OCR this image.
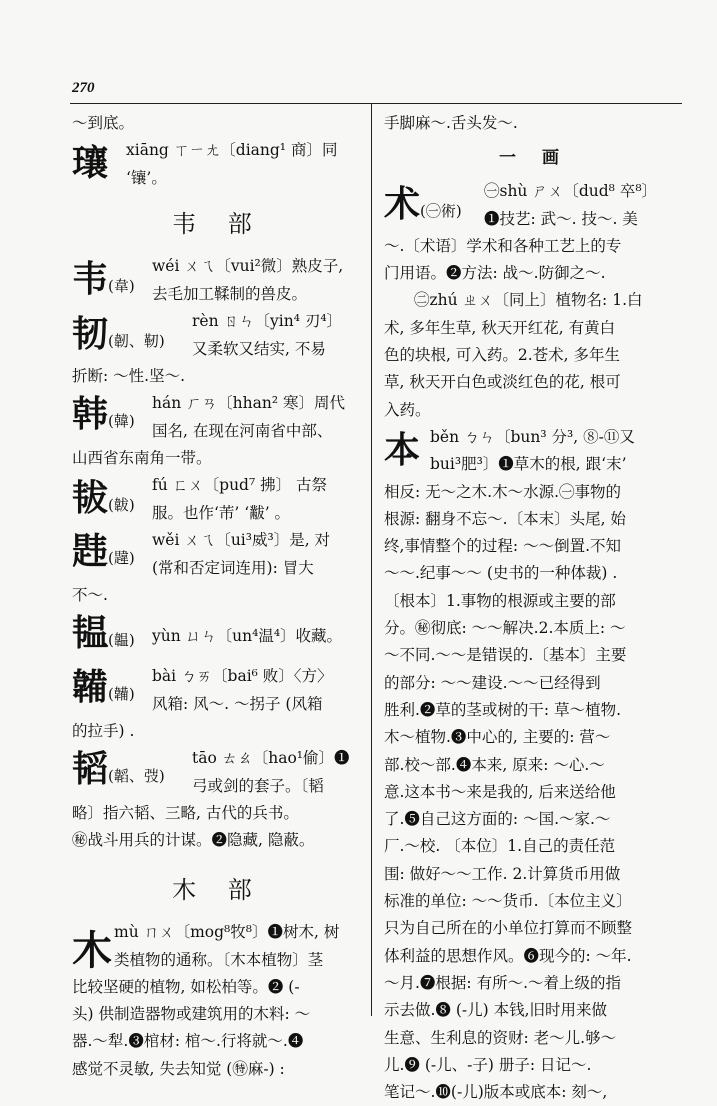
270
～到底。
瓖	xiāng ㄒㄧㄤ〔diang¹ 商〕同
‘镶’。
韦 部
韦(韋)
wéi ㄨㄟ〔vui²微〕熟皮子,
去毛加工鞣制的兽皮。
韧(韌、靭)
rèn ㄖㄣ〔yin⁴ 刃⁴〕
又柔软又结实, 不易
折断: ～性.坚～.
韩(韓)
hán ㄏㄢ〔hhan² 寒〕周代
国名, 在现在河南省中部、
山西省东南角一带。
韨(韍)
fú ㄈㄨ〔pud⁷ 拂〕 古祭
服。也作‘芾’ ‘黻’ 。
韪(韙)
wěi ㄨㄟ〔ui³威³〕是, 对
(常和否定词连用): 冒大
不～.
韫(韞)	yùn ㄩㄣ〔un⁴温⁴〕收藏。
韛(韛)
bài ㄅㄞ〔bai⁶ 败〕〈方〉
风箱: 风～. ～拐子 (风箱
的拉手) .
韬(韜、弢)
tāo ㄊㄠ〔hao¹偷〕❶
弓或剑的套子。〔韬
略〕指六韬、三略, 古代的兵书。
㊙战斗用兵的计谋。❷隐藏, 隐蔽。
木 部
木 mù ㄇㄨ〔mog⁸牧⁸〕❶树木, 树
类植物的通称。〔木本植物〕茎
比较坚硬的植物, 如松柏等。❷ (-
头) 供制造器物或建筑用的木料: ～
器.～犁.❸棺材: 棺～.行将就～.❹
感觉不灵敏, 失去知觉 (㊕麻-) :
手脚麻～.舌头发～.
一 画
术(㊀術)
㊀shù ㄕㄨ〔dud⁸ 卒⁸〕
❶技艺: 武～. 技～. 美
～.〔术语〕学术和各种工艺上的专
门用语。❷方法: 战～.防御之～.
㊁zhú ㄓㄨ〔同上〕植物名: 1.白
术, 多年生草, 秋天开红花, 有黄白
色的块根, 可入药。2.苍术, 多年生
草, 秋天开白色或淡红色的花, 根可
入药。
本 běn ㄅㄣ〔bun³ 分³, ⑧-⑪又
bui³肥³〕❶草木的根, 跟‘末’
相反: 无～之木.木～水源.㊀事物的
根源: 翻身不忘～.〔本末〕头尾, 始
终,事情整个的过程: ～～倒置.不知
～～.纪事～～ (史书的一种体裁) .
〔根本〕1.事物的根源或主要的部
分。㊙彻底: ～～解决.2.本质上: ～
～不同.～～是错误的.〔基本〕主要
的部分: ～～建设.～～已经得到
胜利.❷草的茎或树的干: 草～植物.
木～植物.❸中心的, 主要的: 营～
部.校～部.❹本来, 原来: ～心.～
意.这本书～来是我的, 后来送给他
了.❺自己这方面的: ～国.～家.～
厂.～校. 〔本位〕1.自己的责任范
围: 做好～～工作. 2.计算货币用做
标准的单位: ～～货币.〔本位主义〕
只为自己所在的小单位打算而不顾整
体利益的思想作风。❻现今的: ～年.
～月.❼根据: 有所～.～着上级的指
示去做.❽ (-儿) 本钱,旧时用来做
生意、生利息的资财: 老～儿.够～
儿.❾ (-儿、-子) 册子: 日记～.
笔记～.❿(-儿)版本或底本: 刻～,
